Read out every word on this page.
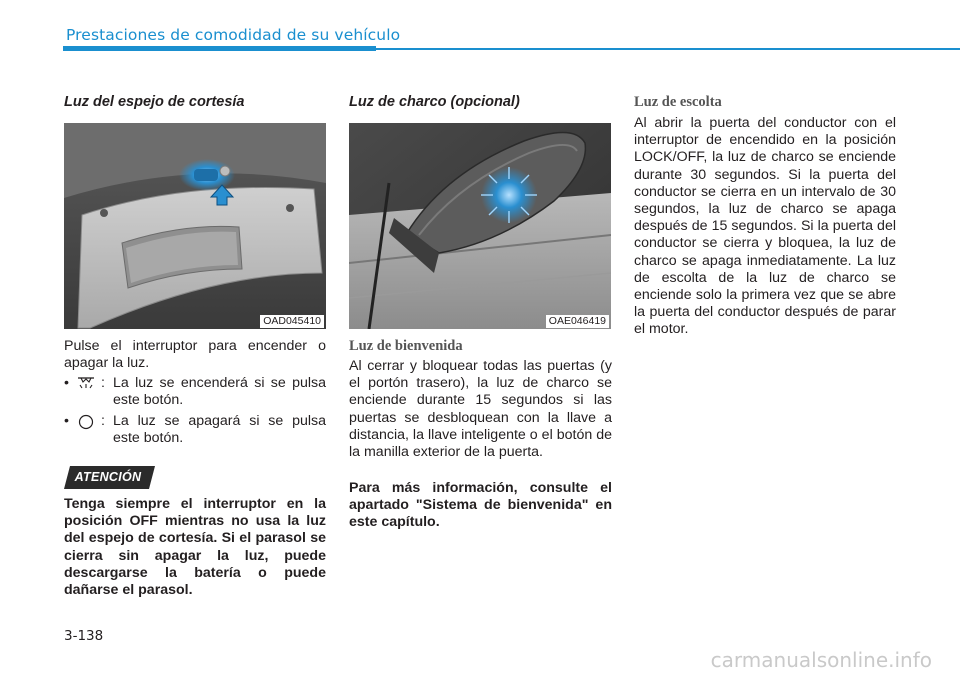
Prestaciones de comodidad de su vehículo
Luz del espejo de cortesía
OAD045410
Pulse el interruptor para encender o apagar la luz.
• : La luz se encenderá si se pulsa este botón.
• : La luz se apagará si se pulsa este botón.
ATENCIÓN
Tenga siempre el interruptor en la posición OFF mientras no usa la luz del espejo de cortesía. Si el parasol se cierra sin apagar la luz, puede descargarse la batería o puede dañarse el parasol.
Luz de charco (opcional)
OAE046419
Luz de bienvenida
Al cerrar y bloquear todas las puertas (y el portón trasero), la luz de charco se enciende durante 15 segundos si las puertas se desbloquean con la llave a distancia, la llave inteligente o el botón de la manilla exterior de la puerta.
Para más información, consulte el apartado "Sistema de bienvenida" en este capítulo.
Luz de escolta
Al abrir la puerta del conductor con el interruptor de encendido en la posición LOCK/OFF, la luz de charco se enciende durante 30 segundos. Si la puerta del conductor se cierra en un intervalo de 30 segundos, la luz de charco se apaga después de 15 segundos. Si la puerta del conductor se cierra y bloquea, la luz de charco se apaga inmediatamente. La luz de escolta de la luz de charco se enciende solo la primera vez que se abre la puerta del conductor después de parar el motor.
3-138
carmanualsonline.info
